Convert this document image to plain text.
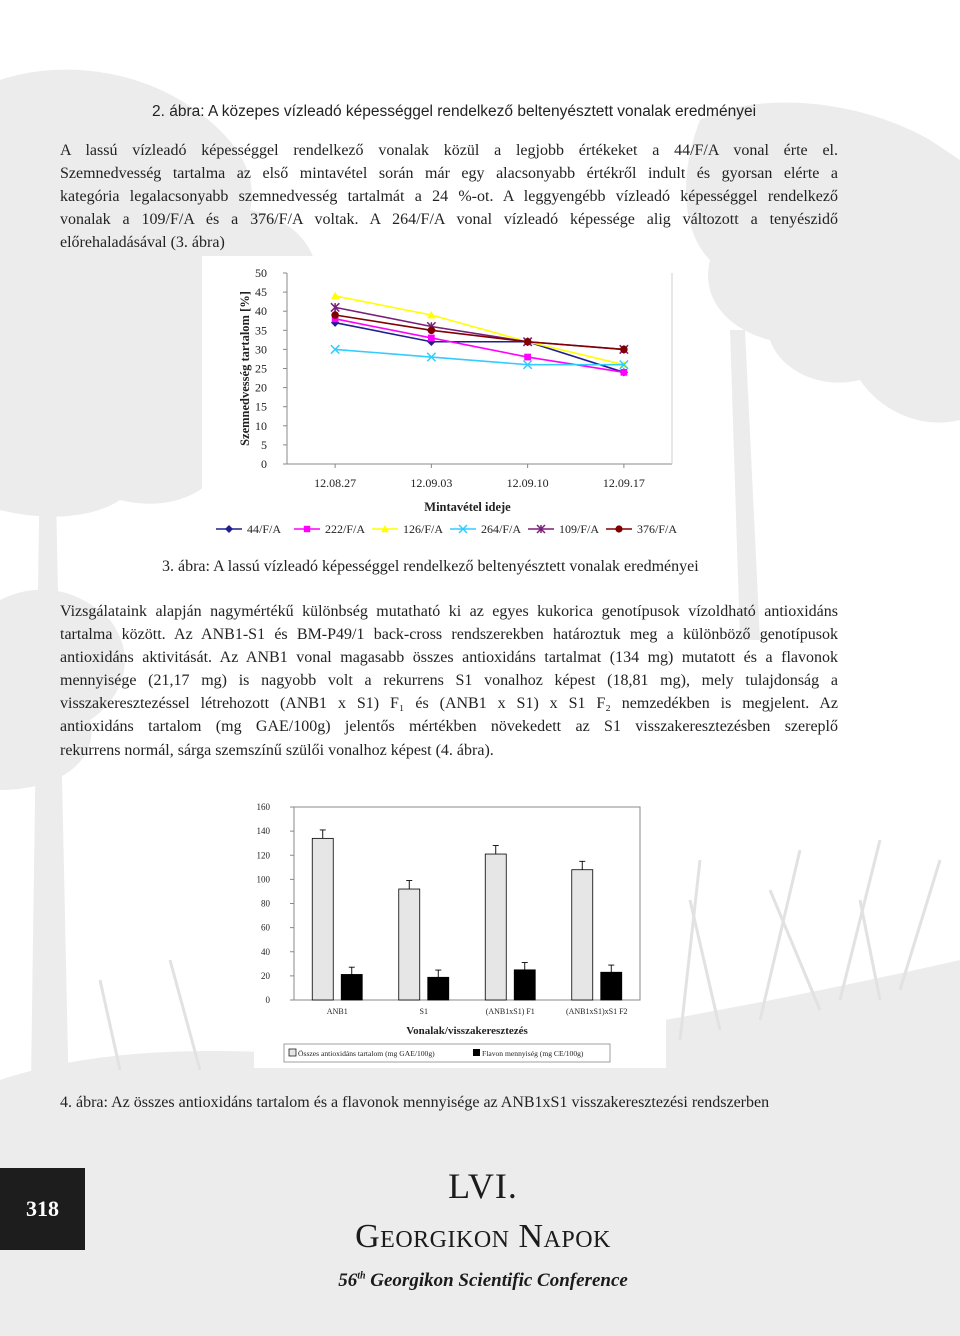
2. ábra: A közepes vízleadó képességgel rendelkező beltenyésztett vonalak eredményei
A lassú vízleadó képességgel rendelkező vonalak közül a legjobb értékeket a 44/F/A vonal érte el.
Szemnedvesség tartalma az első mintavétel során már egy alacsonyabb értékről indult és gyorsan elérte a
kategória legalacsonyabb szemnedvesség tartalmát a 24 %-ot. A leggyengébb vízleadó képességgel rendelkező
vonalak a 109/F/A és a 376/F/A voltak. A 264/F/A vonal vízleadó képessége alig változott a tenyészidő
előrehaladásával (3. ábra)
0
5
10
15
20
25
30
35
40
45
50
12.08.27	12.09.03	12.09.10	12.09.17
Mintavétel ideje
Szemnedvesség tartalom [%]
44/F/A	222/F/A	126/F/A	264/F/A	109/F/A	376/F/A
3. ábra: A lassú vízleadó képességgel rendelkező beltenyésztett vonalak eredményei
Vizsgálataink alapján nagymértékű különbség mutatható ki az egyes kukorica genotípusok vízoldható antioxidáns
tartalma között. Az ANB1-S1 és BM-P49/1 back-cross rendszerekben határoztuk meg a különböző genotípusok
antioxidáns aktivitását. Az ANB1 vonal magasabb összes antioxidáns tartalmat (134 mg) mutatott és a flavonok
mennyisége (21,17 mg) is nagyobb volt a rekurrens S1 vonalhoz képest (18,81 mg), mely tulajdonság a
visszakeresztezéssel létrehozott (ANB1 x S1) F₁ és (ANB1 x S1) x S1 F₂ nemzedékben is megjelent. Az
antioxidáns tartalom (mg GAE/100g) jelentős mértékben növekedett az S1 visszakeresztezésben szereplő
rekurrens normál, sárga szemszínű szülői vonalhoz képest (4. ábra).
0
20
40
60
80
100
120
140
160
ANB1	S1	(ANB1xS1) F1	(ANB1xS1)xS1 F2
Vonalak/visszakeresztezés
Összes antioxidáns tartalom (mg GAE/100g)	Flavon mennyiség (mg CE/100g)
4. ábra: Az összes antioxidáns tartalom és a flavonok mennyisége az ANB1xS1 visszakeresztezési rendszerben
318
LVI.
Georgikon Napok
56th Georgikon Scientific Conference
